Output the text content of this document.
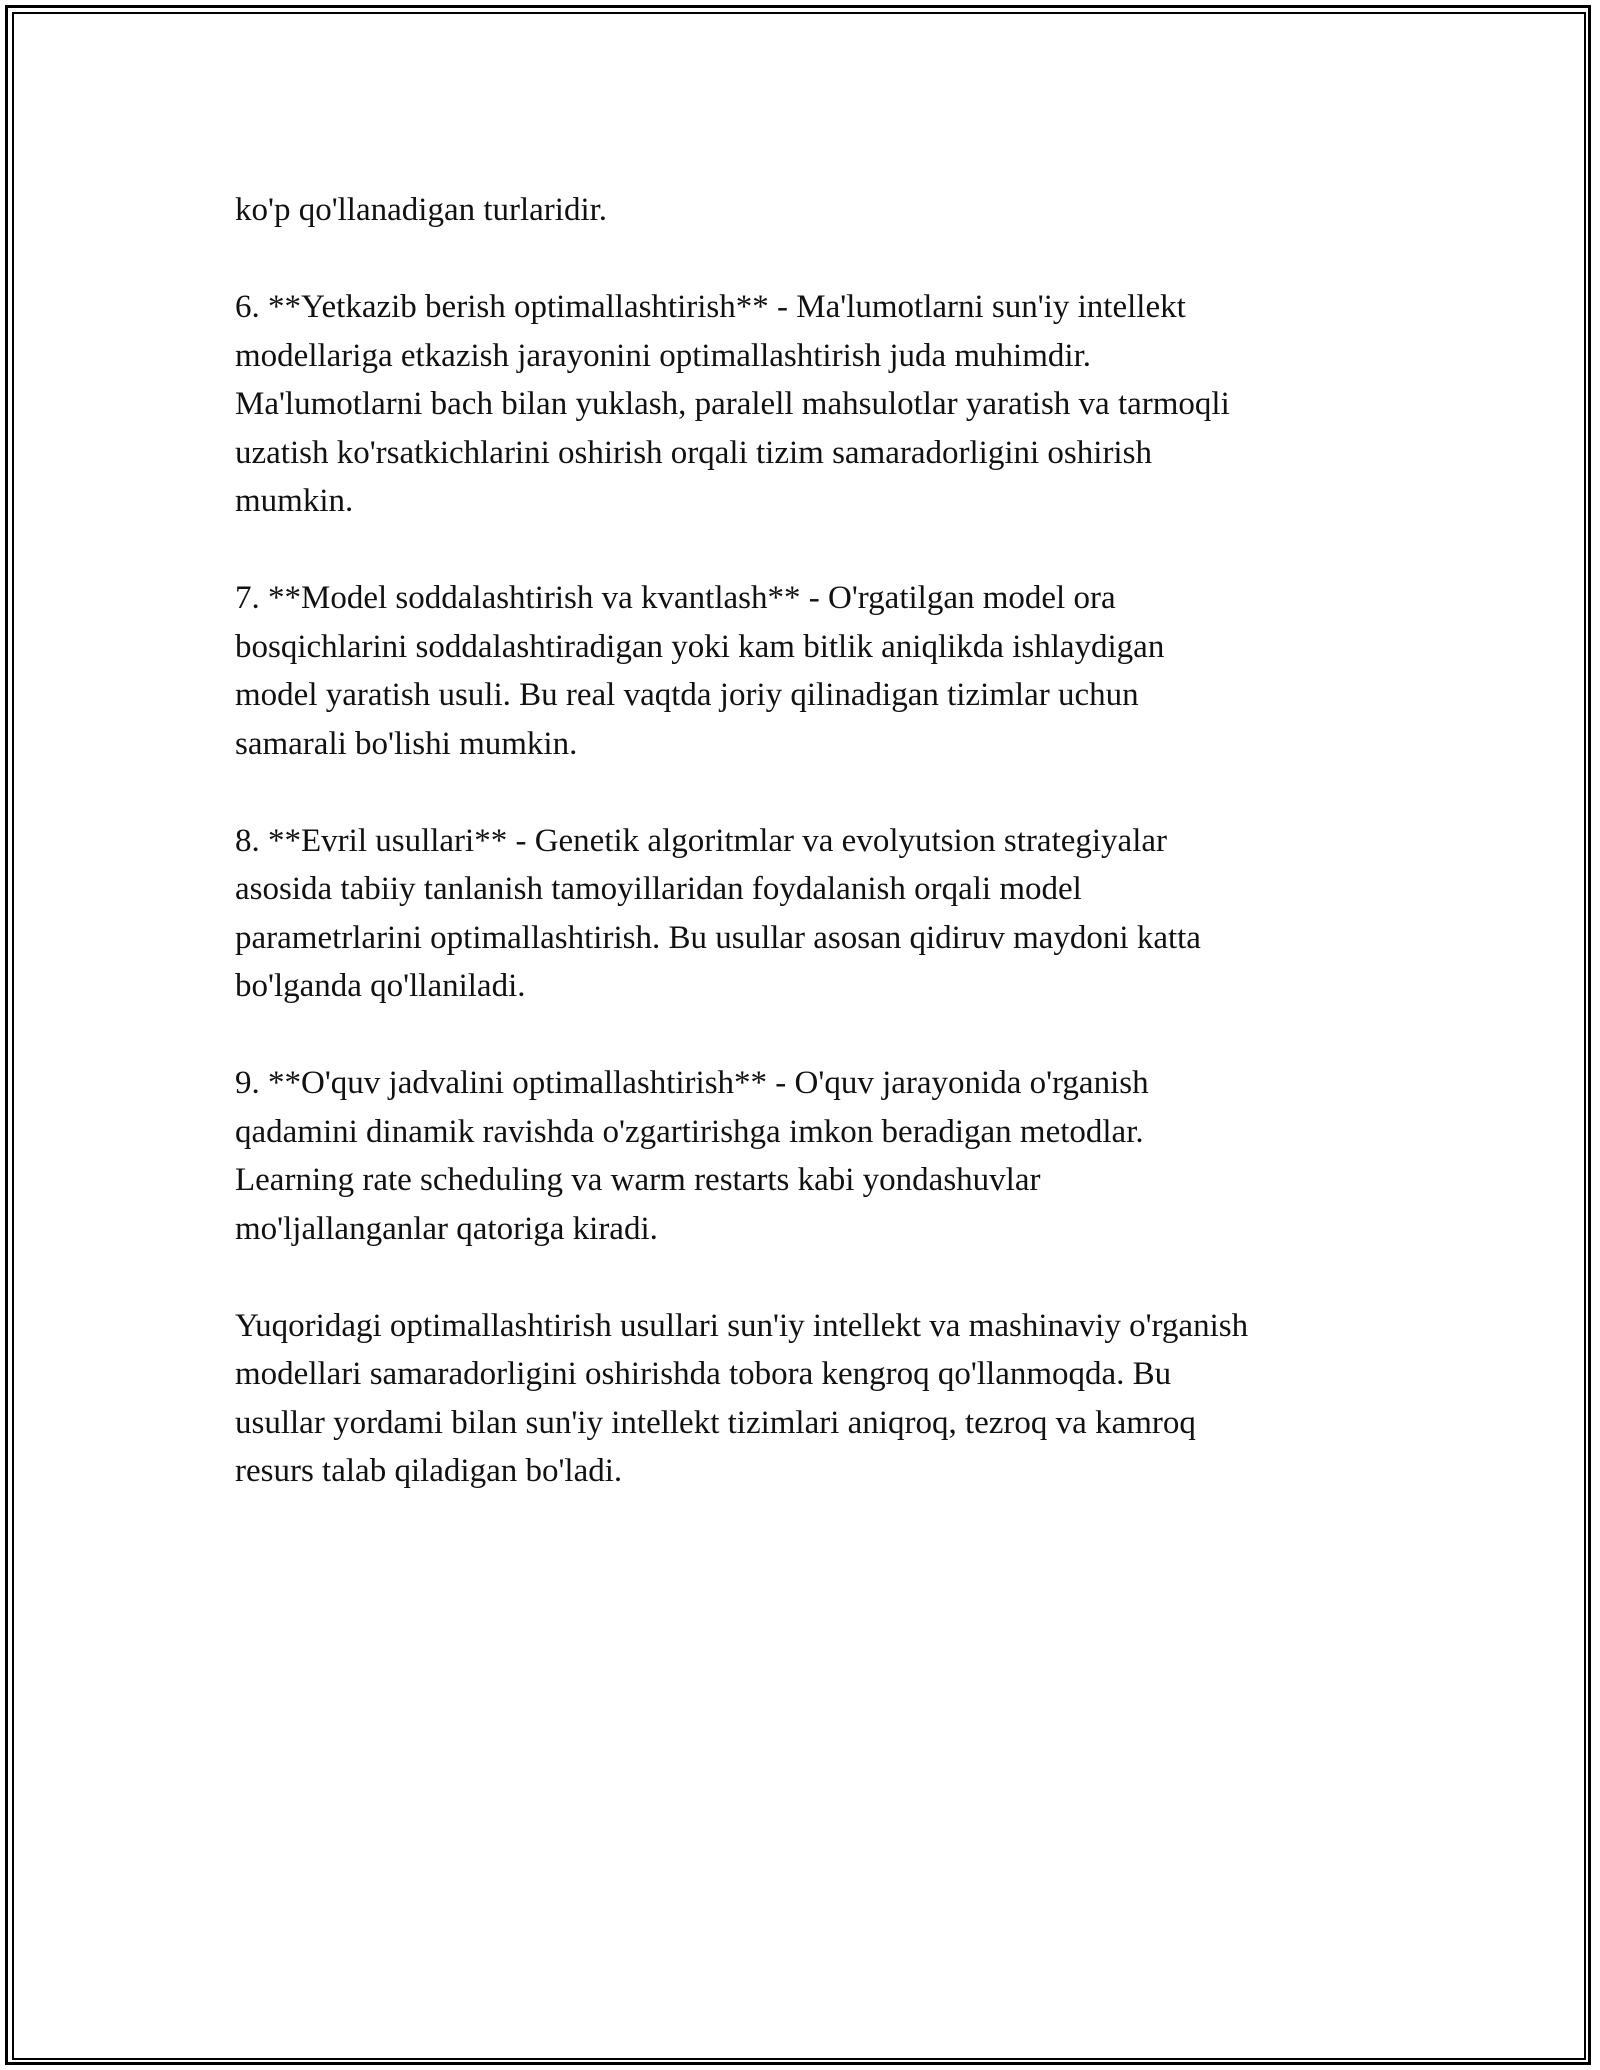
ko'p qo'llanadigan turlaridir.

6. **Yetkazib berish optimallashtirish** - Ma'lumotlarni sun'iy intellekt
modellariga etkazish jarayonini optimallashtirish juda muhimdir.
Ma'lumotlarni bach bilan yuklash, paralell mahsulotlar yaratish va tarmoqli
uzatish ko'rsatkichlarini oshirish orqali tizim samaradorligini oshirish
mumkin.

7. **Model soddalashtirish va kvantlash** - O'rgatilgan model ora
bosqichlarini soddalashtiradigan yoki kam bitlik aniqlikda ishlaydigan
model yaratish usuli. Bu real vaqtda joriy qilinadigan tizimlar uchun
samarali bo'lishi mumkin.

8. **Evril usullari** - Genetik algoritmlar va evolyutsion strategiyalar
asosida tabiiy tanlanish tamoyillaridan foydalanish orqali model
parametrlarini optimallashtirish. Bu usullar asosan qidiruv maydoni katta
bo'lganda qo'llaniladi.

9. **O'quv jadvalini optimallashtirish** - O'quv jarayonida o'rganish
qadamini dinamik ravishda o'zgartirishga imkon beradigan metodlar.
Learning rate scheduling va warm restarts kabi yondashuvlar
mo'ljallanganlar qatoriga kiradi.

Yuqoridagi optimallashtirish usullari sun'iy intellekt va mashinaviy o'rganish
modellari samaradorligini oshirishda tobora kengroq qo'llanmoqda. Bu
usullar yordami bilan sun'iy intellekt tizimlari aniqroq, tezroq va kamroq
resurs talab qiladigan bo'ladi.
